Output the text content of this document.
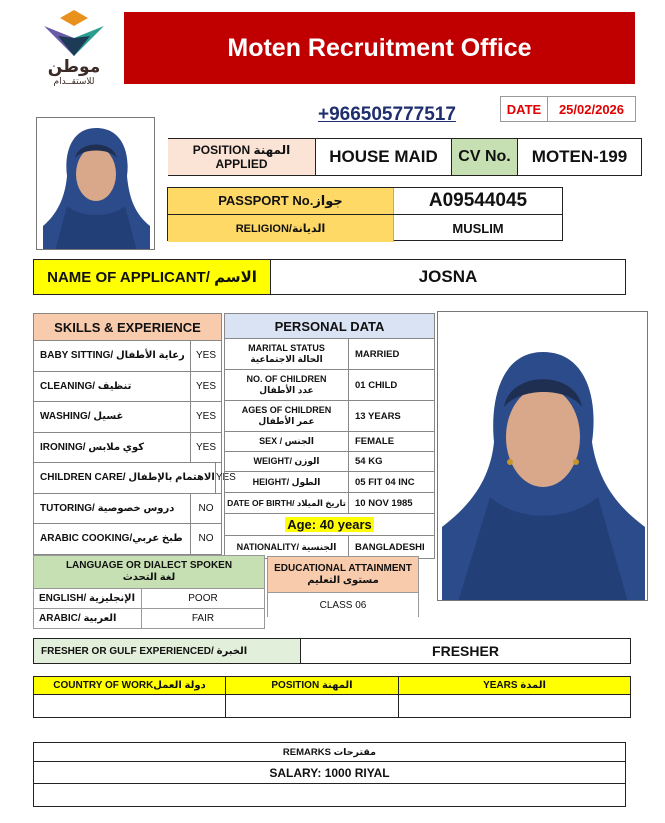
موطن
للاستقــدام
Moten Recruitment Office
+966505777517	DATE	25/02/2026
POSITION المهنة
APPLIED	HOUSE MAID	CV No.	MOTEN-199
PASSPORT No.جواز	A09544045
RELIGION/الديانة	MUSLIM
NAME OF APPLICANT/ الاسم	JOSNA
SKILLS & EXPERIENCE
BABY SITTING/ رعاية الأطفال	YES
CLEANING/ تنظيف	YES
WASHING/ غسيل	YES
IRONING/ كوي ملابس	YES
CHILDREN CARE/ الاهتمام بالإطفال YES
TUTORING/ دروس خصوصية	NO
ARABIC COOKING/طبخ عربي	NO
PERSONAL DATA
MARITAL STATUS
الحالة الاجتماعية	MARRIED
NO. OF CHILDREN
عدد الأطفال	01 CHILD
AGES OF CHILDREN
عمر الأطفال	13 YEARS
SEX / الجنس	FEMALE
WEIGHT/ الوزن	54 KG
HEIGHT/ الطول	05 FIT 04 INC
DATE OF BIRTH/ تاريخ الميلاد 10 NOV 1985
Age: 40 years
NATIONALITY/ الجنسية	BANGLADESHI
LANGUAGE OR DIALECT SPOKEN
لغة التحدث
ENGLISH/ الإنجليزية	POOR
ARABIC/ العربية	FAIR
EDUCATIONAL ATTAINMENT
مستوى التعليم
CLASS 06
FRESHER OR GULF EXPERIENCED/ الخبرة	FRESHER
COUNTRY OF WORKدولة العمل	POSITION المهنة	YEARS المدة
REMARKS مقترحات
SALARY: 1000 RIYAL
